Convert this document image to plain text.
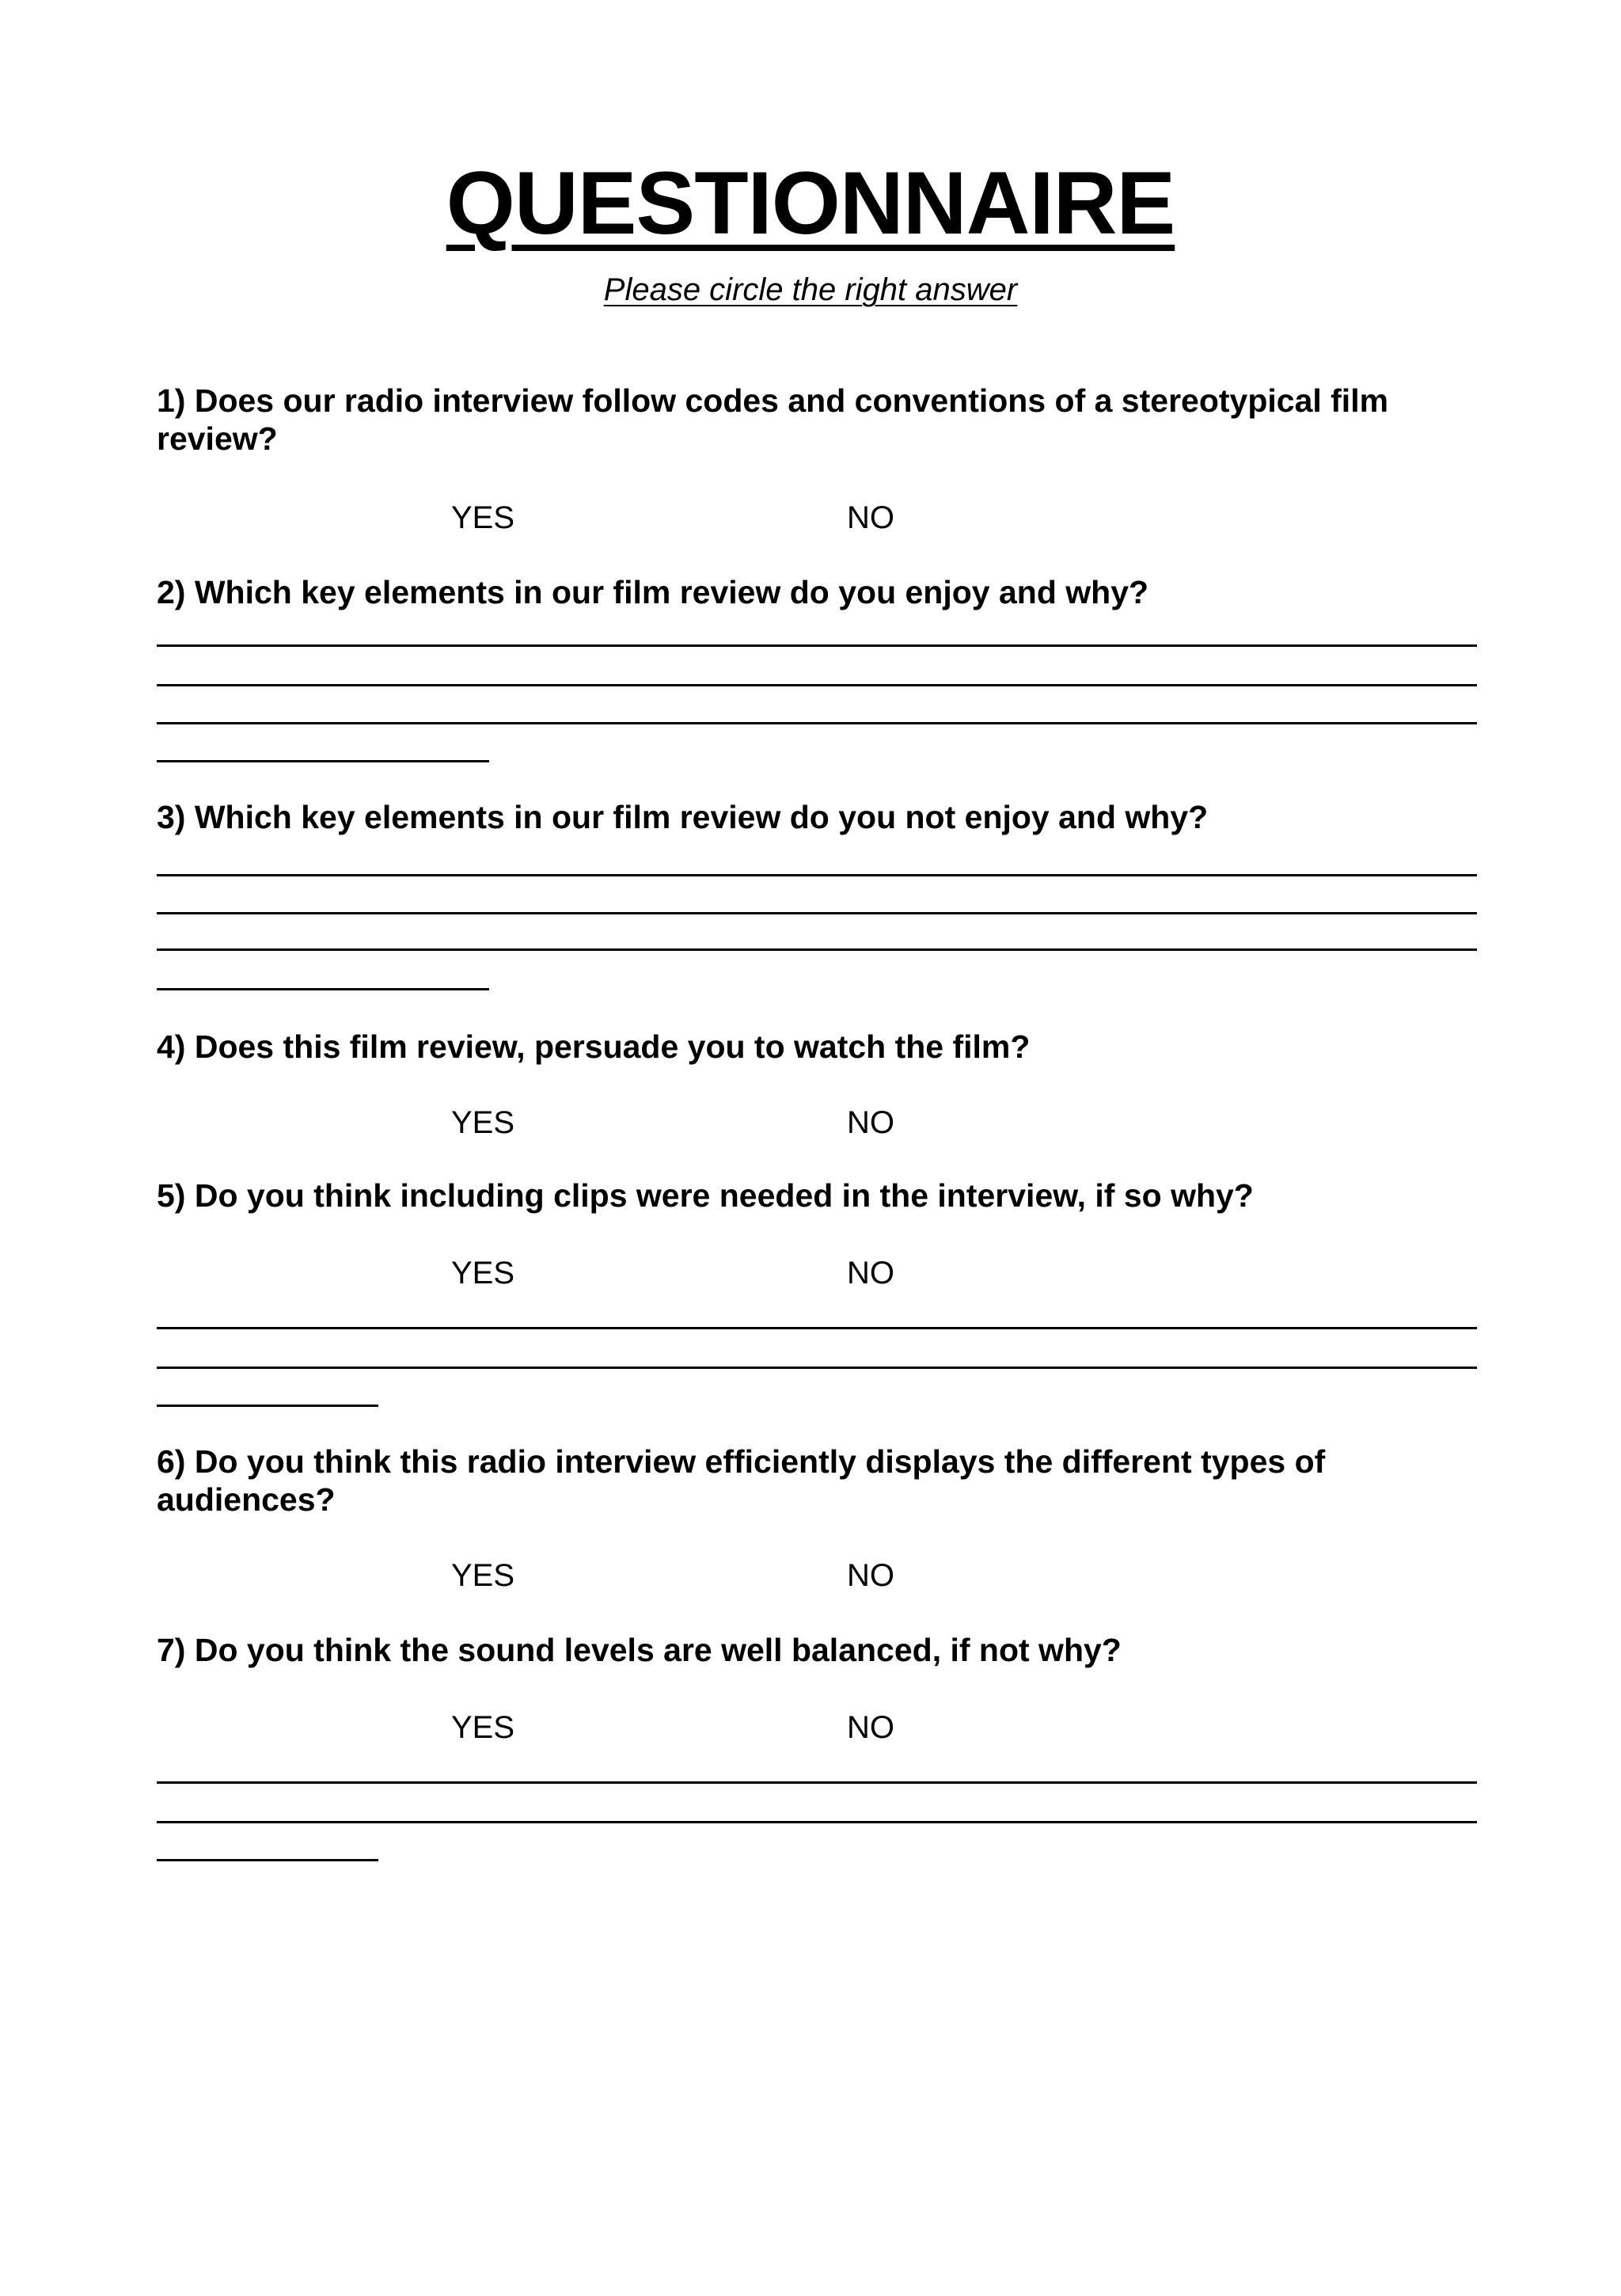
QUESTIONNAIRE

Please circle the right answer

1) Does our radio interview follow codes and conventions of a stereotypical film review?

YES	NO

2) Which key elements in our film review do you enjoy and why?

3) Which key elements in our film review do you not enjoy and why?

4) Does this film review, persuade you to watch the film?

YES	NO

5) Do you think including clips were needed in the interview, if so why?

YES	NO

6) Do you think this radio interview efficiently displays the different types of audiences?

YES	NO

7) Do you think the sound levels are well balanced, if not why?

YES	NO
